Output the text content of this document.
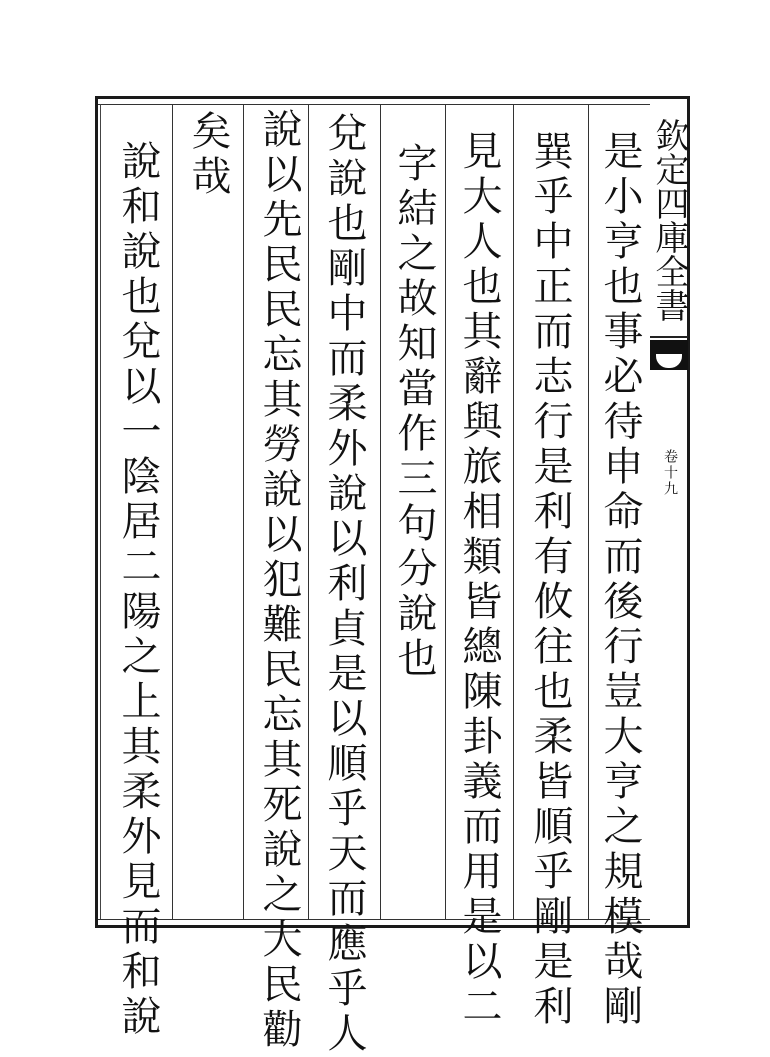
欽定四庫全書
卷十九
是小亨也事必待申命而後行豈大亨之規模哉剛
巽乎中正而志行是利有攸往也柔皆順乎剛是利
見大人也其辭與旅相類皆總陳卦義而用是以二
字結之故知當作三句分說也
兌說也剛中而柔外說以利貞是以順乎天而應乎人
說以先民民忘其勞說以犯難民忘其死說之大民勸
矣哉
說和說也兌以一陰居二陽之上其柔外見而和說
